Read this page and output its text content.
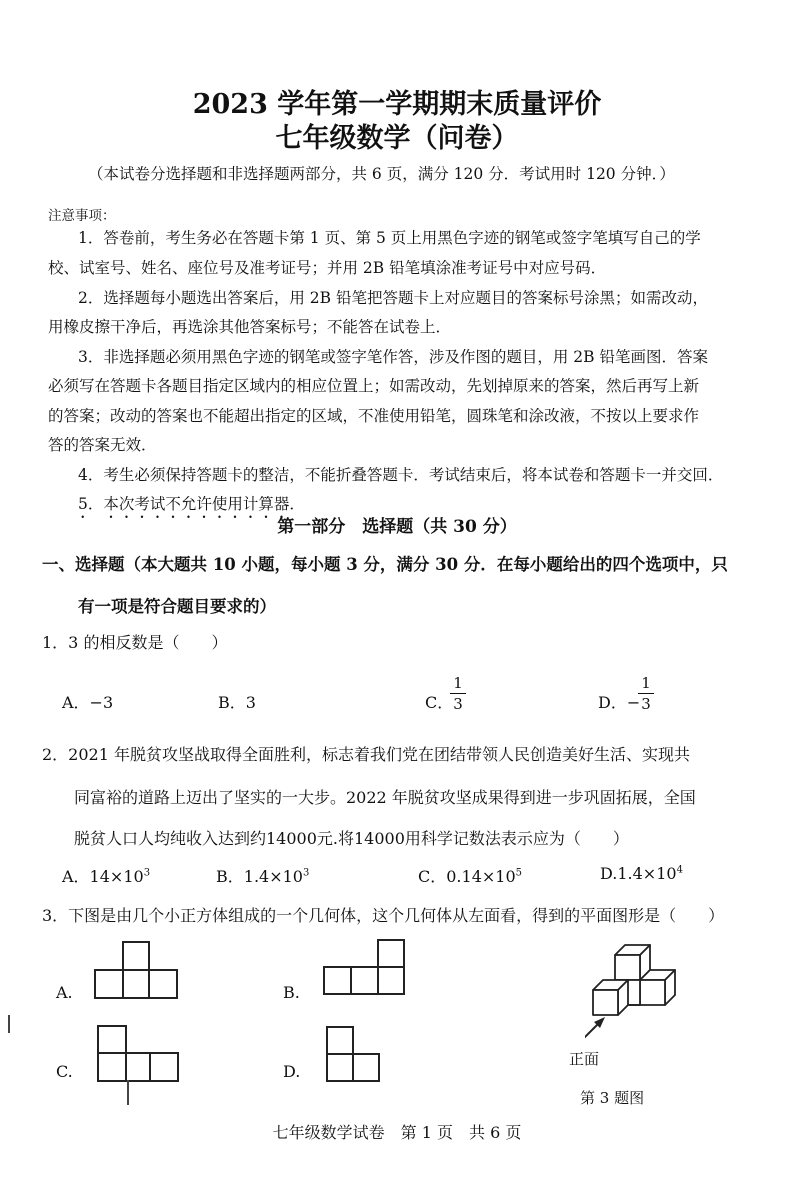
2023 学年第一学期期末质量评价
七年级数学（问卷）
（本试卷分选择题和非选择题两部分，共 6 页，满分 120 分．考试用时 120 分钟．）
注意事项：
1．答卷前，考生务必在答题卡第 1 页、第 5 页上用黑色字迹的钢笔或签字笔填写自己的学
校、试室号、姓名、座位号及准考证号；并用 2B 铅笔填涂准考证号中对应号码．
2．选择题每小题选出答案后，用 2B 铅笔把答题卡上对应题目的答案标号涂黑；如需改动，
用橡皮擦干净后，再选涂其他答案标号；不能答在试卷上．
3．非选择题必须用黑色字迹的钢笔或签字笔作答，涉及作图的题目，用 2B 铅笔画图．答案
必须写在答题卡各题目指定区域内的相应位置上；如需改动，先划掉原来的答案，然后再写上新
的答案；改动的答案也不能超出指定的区域，不准使用铅笔，圆珠笔和涂改液，不按以上要求作
答的答案无效．
4．考生必须保持答题卡的整洁，不能折叠答题卡．考试结束后，将本试卷和答题卡一并交回．
5．本次考试不允许使用计算器．
第一部分　选择题（共 30 分）
一、选择题（本大题共 10 小题，每小题 3 分，满分 30 分．在每小题给出的四个选项中，只
有一项是符合题目要求的）
1．3 的相反数是（　　）
A．−3	B．3	C．
1
3	D．−
1
3
2．2021 年脱贫攻坚战取得全面胜利，标志着我们党在团结带领人民创造美好生活、实现共
同富裕的道路上迈出了坚实的一大步。2022 年脱贫攻坚成果得到进一步巩固拓展，全国
脱贫人口人均纯收入达到约14000元.将14000用科学记数法表示应为（　　）
A．$14\times 10^3$	B．$1.4\times 10^3$	C．$0.14\times 10^5$	$D.1.4\times 10^4$
3．下图是由几个小正方体组成的一个几何体，这个几何体从左面看，得到的平面图形是（　　）
A.	B.
C.	D.
正面
第 3 题图
七年级数学试卷　第 1 页　共 6 页
